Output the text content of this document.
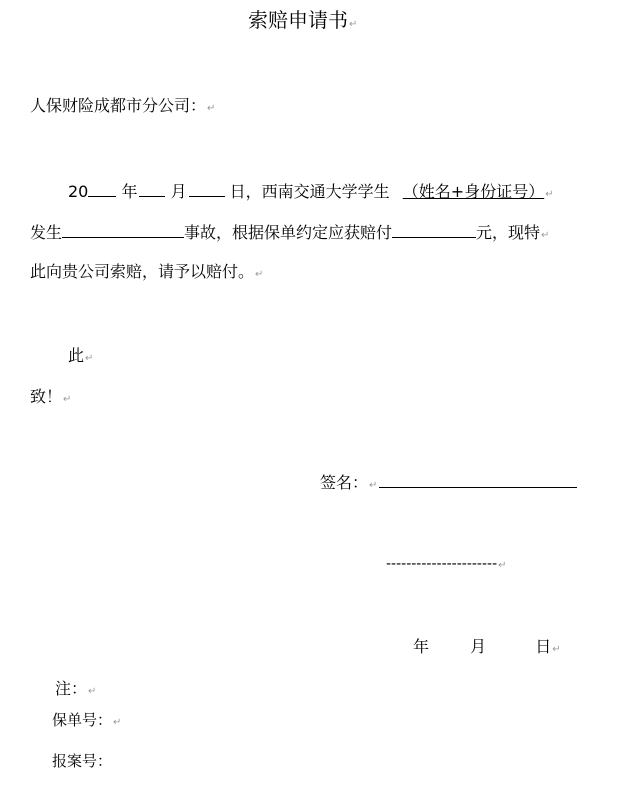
索赔申请书↵
人保财险成都市分公司：↵
20 年 月	日，西南交通大学学生 （姓名+身份证号）↵
发生	事故，根据保单约定应获赔付	元，现特↵
此向贵公司索赔，请予以赔付。↵
此↵
致！↵
签名：↵
----------------------↵
年	月	日↵
注：↵
保单号：↵
报案号：
